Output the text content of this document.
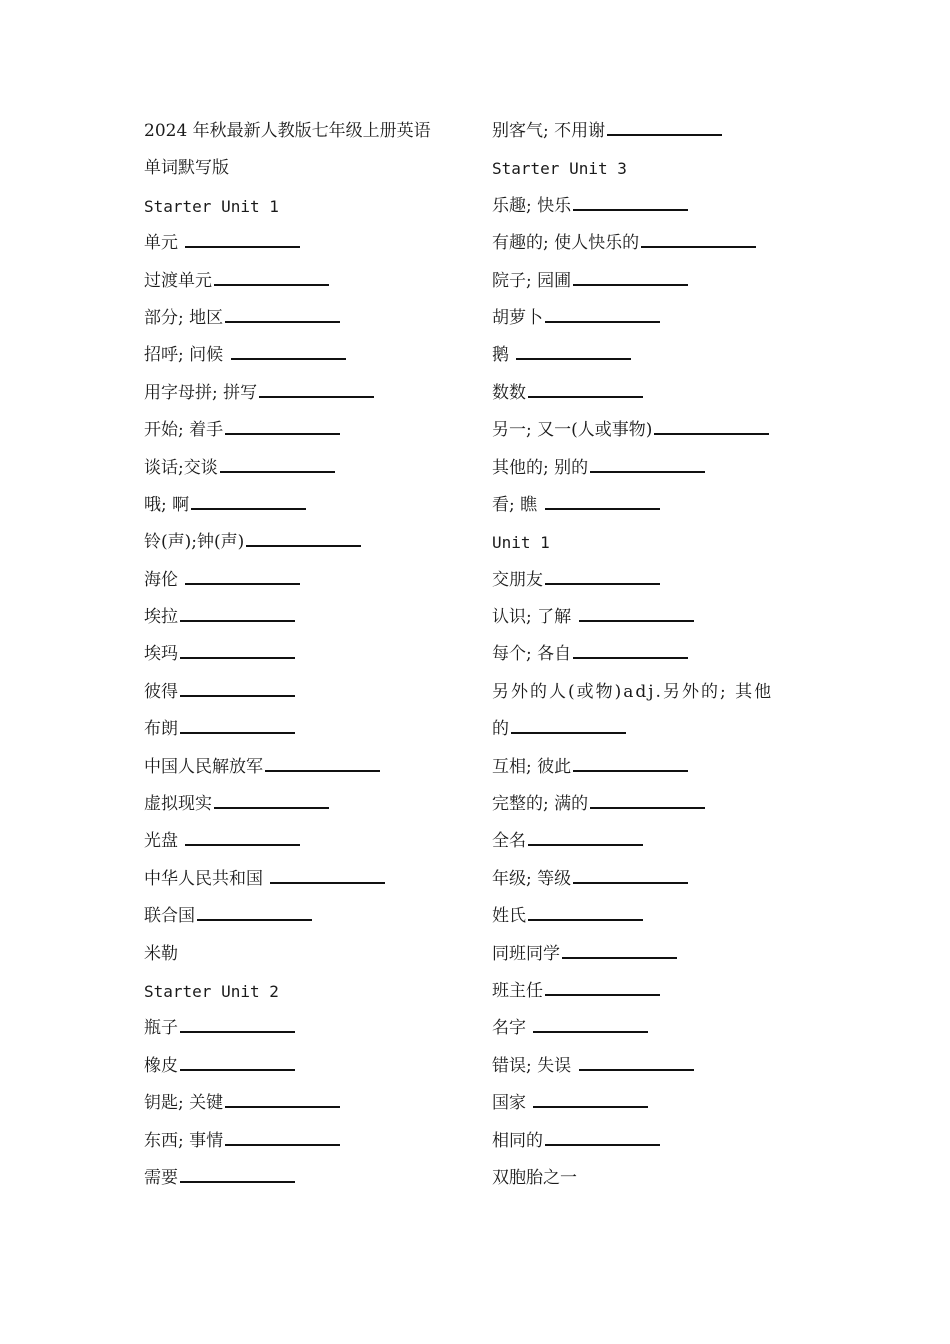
2024 年秋最新人教版七年级上册英语
单词默写版
Starter Unit 1
单元
过渡单元
部分; 地区
招呼; 问候
用字母拼; 拼写
开始; 着手
谈话;交谈
哦; 啊
铃(声);钟(声)
海伦
埃拉
埃玛
彼得
布朗
中国人民解放军
虚拟现实
光盘
中华人民共和国
联合国
米勒
Starter Unit 2
瓶子
橡皮
钥匙; 关键
东西; 事情
需要
别客气; 不用谢
Starter Unit 3
乐趣; 快乐
有趣的; 使人快乐的
院子; 园圃
胡萝卜
鹅
数数
另一; 又一(人或事物)
其他的; 别的
看; 瞧
Unit 1
交朋友
认识; 了解
每个; 各自
另外的人(或物)adj.另外的; 其他
的
互相; 彼此
完整的; 满的
全名
年级; 等级
姓氏
同班同学
班主任
名字
错误; 失误
国家
相同的
双胞胎之一
